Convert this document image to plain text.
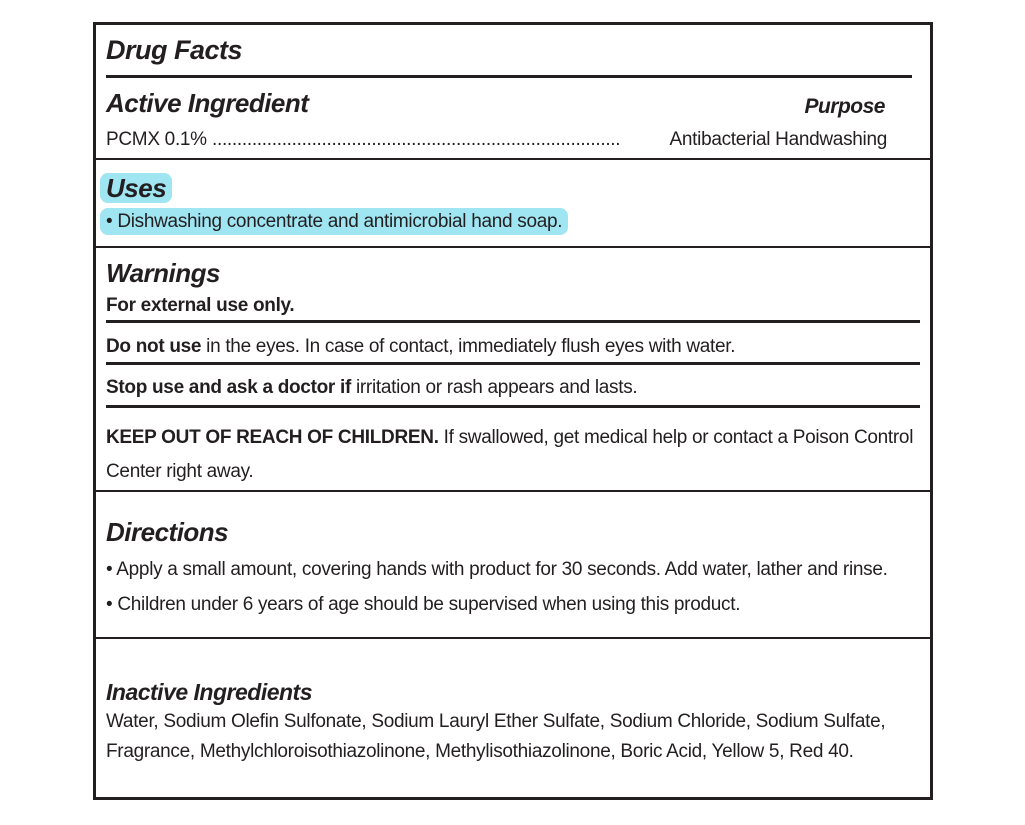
Drug Facts
Active Ingredient	Purpose
PCMX 0.1% ..................................................................................	Antibacterial Handwashing
Uses
• Dishwashing concentrate and antimicrobial hand soap.
Warnings
For external use only.
Do not use in the eyes. In case of contact, immediately flush eyes with water.
Stop use and ask a doctor if irritation or rash appears and lasts.
KEEP OUT OF REACH OF CHILDREN. If swallowed, get medical help or contact a Poison Control
Center right away.
Directions
• Apply a small amount, covering hands with product for 30 seconds. Add water, lather and rinse.
• Children under 6 years of age should be supervised when using this product.
Inactive Ingredients
Water, Sodium Olefin Sulfonate, Sodium Lauryl Ether Sulfate, Sodium Chloride, Sodium Sulfate,
Fragrance, Methylchloroisothiazolinone, Methylisothiazolinone, Boric Acid, Yellow 5, Red 40.
